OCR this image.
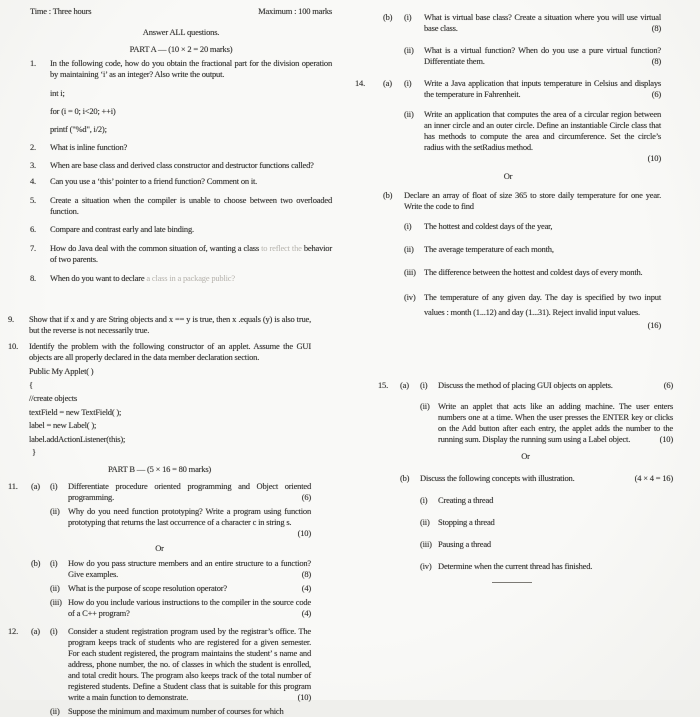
Time : Three hours	Maximum : 100 marks
Answer ALL questions.
PART A — (10 × 2 = 20 marks)
1.	In the following code, how do you obtain the fractional part for the division operation by maintaining ‘i’ as an integer? Also write the output.
int i;
for (i = 0; i<20; ++i)
printf ("%d", i/2);
2.	What is inline function?
3.	When are base class and derived class constructor and destructor functions called?
4.	Can you use a ‘this’ pointer to a friend function? Comment on it.
5.	Create a situation when the compiler is unable to choose between two overloaded function.
6.	Compare and contrast early and late binding.
7.	How do Java deal with the common situation of, wanting a class to reflect the behavior of two parents.
8.	When do you want to declare a class in a package public?
9.	Show that if x and y are String objects and x == y is true, then x .equals (y) is also true, but the reverse is not necessarily true.
10.	Identify the problem with the following constructor of an applet. Assume the GUI objects are all properly declared in the data member declaration section.
Public My Applet( )
{
//create objects
textField = new TextField( );
label = new Label( );
label.addActionListener(this);
}
PART B — (5 × 16 = 80 marks)
11.	(a)	(i)	Differentiate procedure oriented programming and Object oriented programming.	(6)
(ii) Why do you need function prototyping? Write a program using function prototyping that returns the last occurrence of a character c in string s.
(10)
Or
(b)	(i)	How do you pass structure members and an entire structure to a function? Give examples.	(8)
(ii) What is the purpose of scope resolution operator?	(4)
(iii) How do you include various instructions to the compiler in the source code of a C++ program?	(4)
12.	(a)	(i)	Consider a student registration program used by the registrar’s office. The program keeps track of students who are registered for a given semester. For each student registered, the program maintains the student’ s name and address, phone number, the no. of classes in which the student is enrolled, and total credit hours. The program also keeps track of the total number of registered students. Define a Student class that is suitable for this program write a main function to demonstrate.	(10)
(ii) Suppose the minimum and maximum number of courses for which
(b)	(i)	What is virtual base class? Create a situation where you will use virtual base class.	(8)
(ii)	What is a virtual function? When do you use a pure virtual function? Differentiate them.	(8)
14.	(a)	(i)	Write a Java application that inputs temperature in Celsius and displays the temperature in Fahrenheit.	(6)
(ii)	Write an application that computes the area of a circular region between an inner circle and an outer circle. Define an instantiable Circle class that has methods to compute the area and circumference. Set the circle’s radius with the setRadius method.
(10)
Or
(b)	Declare an array of float of size 365 to store daily temperature for one year. Write the code to find
(i)	The hottest and coldest days of the year,
(ii)	The average temperature of each month,
(iii) The difference between the hottest and coldest days of every month.
(iv)	The temperature of any given day. The day is specified by two input values : month (1...12) and day (1...31). Reject invalid input values.
(16)
15.	(a)	(i)	Discuss the method of placing GUI objects on applets.	(6)
(ii) Write an applet that acts like an adding machine. The user enters numbers one at a time. When the user presses the ENTER key or clicks on the Add button after each entry, the applet adds the number to the running sum. Display the running sum using a Label object.	(10)
Or
(b)	Discuss the following concepts with illustration.	(4 × 4 = 16)
(i)	Creating a thread
(ii) Stopping a thread
(iii) Pausing a thread
(iv) Determine when the current thread has finished.
